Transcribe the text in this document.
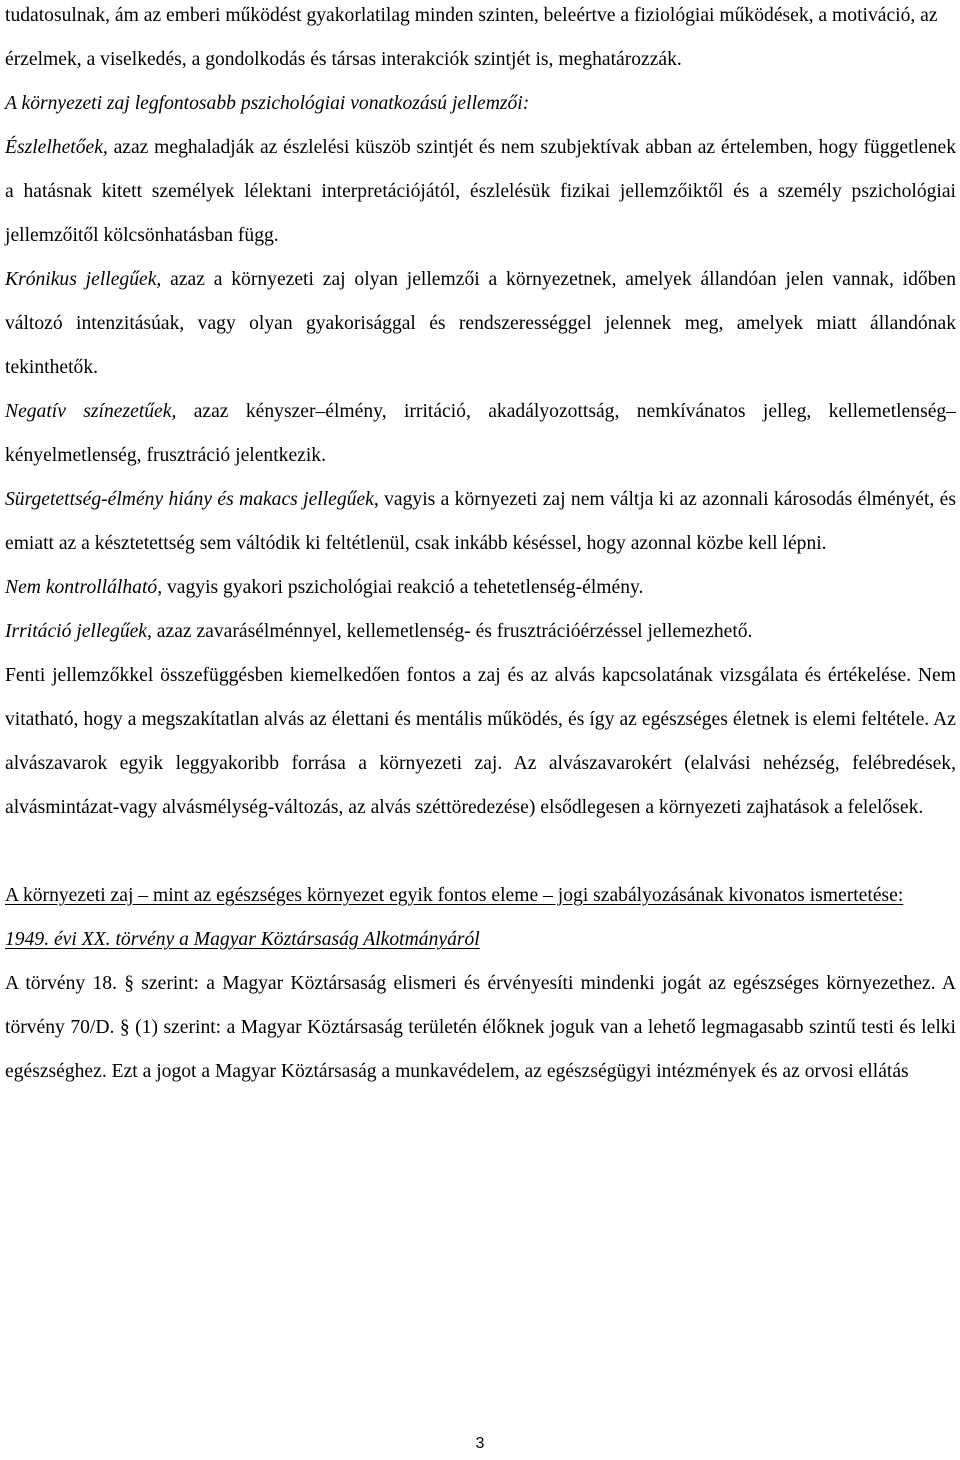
tudatosulnak, ám az emberi működést gyakorlatilag minden szinten, beleértve a fiziológiai működések, a motiváció, az érzelmek, a viselkedés, a gondolkodás és társas interakciók szintjét is, meghatározzák.

A környezeti zaj legfontosabb pszichológiai vonatkozású jellemzői:

Észlelhetőek, azaz meghaladják az észlelési küszöb szintjét és nem szubjektívak abban az értelemben, hogy függetlenek a hatásnak kitett személyek lélektani interpretációjától, észlelésük fizikai jellemzőiktől és a személy pszichológiai jellemzőitől kölcsönhatásban függ.

Krónikus jellegűek, azaz a környezeti zaj olyan jellemzői a környezetnek, amelyek állandóan jelen vannak, időben változó intenzitásúak, vagy olyan gyakorisággal és rendszerességgel jelennek meg, amelyek miatt állandónak tekinthetők.

Negatív színezetűek, azaz kényszer–élmény, irritáció, akadályozottság, nemkívánatos jelleg, kellemetlenség–kényelmetlenség, frusztráció jelentkezik.

Sürgetettség-élmény hiány és makacs jellegűek, vagyis a környezeti zaj nem váltja ki az azonnali károsodás élményét, és emiatt az a késztetettség sem váltódik ki feltétlenül, csak inkább késéssel, hogy azonnal közbe kell lépni.

Nem kontrollálható, vagyis gyakori pszichológiai reakció a tehetetlenség-élmény.

Irritáció jellegűek, azaz zavarásélménnyel, kellemetlenség- és frusztrációérzéssel jellemezhető.

Fenti jellemzőkkel összefüggésben kiemelkedően fontos a zaj és az alvás kapcsolatának vizsgálata és értékelése. Nem vitatható, hogy a megszakítatlan alvás az élettani és mentális működés, és így az egészséges életnek is elemi feltétele. Az alvászavarok egyik leggyakoribb forrása a környezeti zaj. Az alvászavarokért (elalvási nehézség, felébredések, alvásmintázat-vagy alvásmélység-változás, az alvás széttöredezése) elsődlegesen a környezeti zajhatások a felelősek.

A környezeti zaj – mint az egészséges környezet egyik fontos eleme – jogi szabályozásának kivonatos ismertetése:

1949. évi XX. törvény a Magyar Köztársaság Alkotmányáról

A törvény 18. § szerint: a Magyar Köztársaság elismeri és érvényesíti mindenki jogát az egészséges környezethez. A törvény 70/D. § (1) szerint: a Magyar Köztársaság területén élőknek joguk van a lehető legmagasabb szintű testi és lelki egészséghez. Ezt a jogot a Magyar Köztársaság a munkavédelem, az egészségügyi intézmények és az orvosi ellátás

3
